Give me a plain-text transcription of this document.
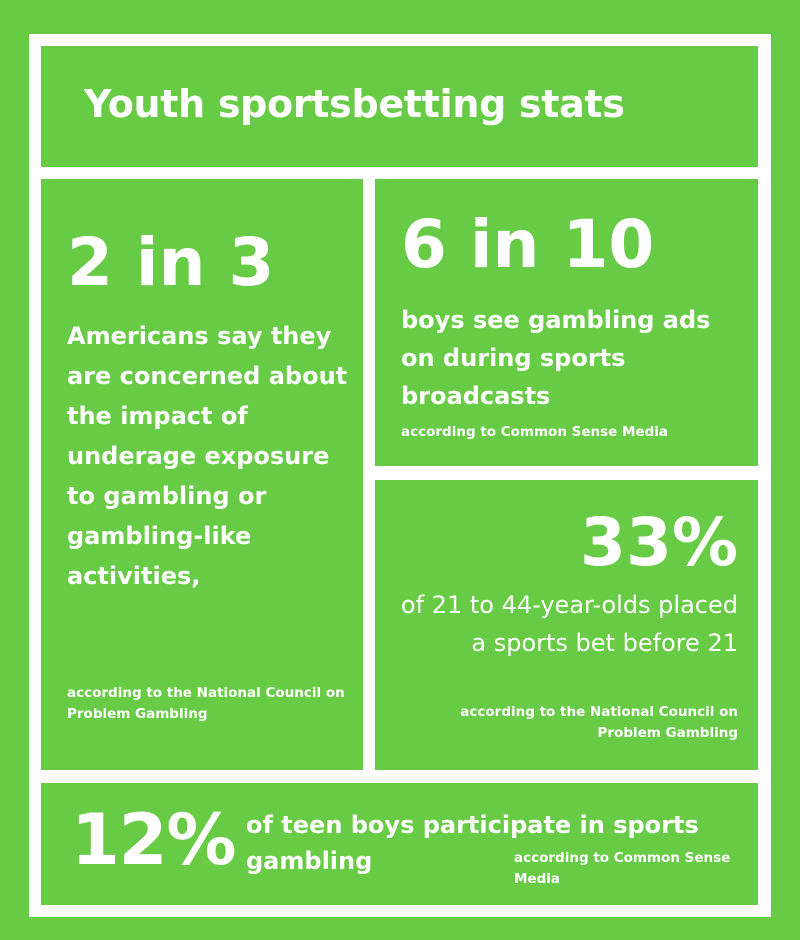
Youth sportsbetting stats
2 in 3
Americans say they are concerned about the impact of underage exposure to gambling or gambling-like activities,
according to the National Council on Problem Gambling
6 in 10
boys see gambling ads on during sports broadcasts
according to Common Sense Media
33%
of 21 to 44-year-olds placed a sports bet before 21
according to the National Council on Problem Gambling
12% of teen boys participate in sports gambling	according to Common Sense Media
